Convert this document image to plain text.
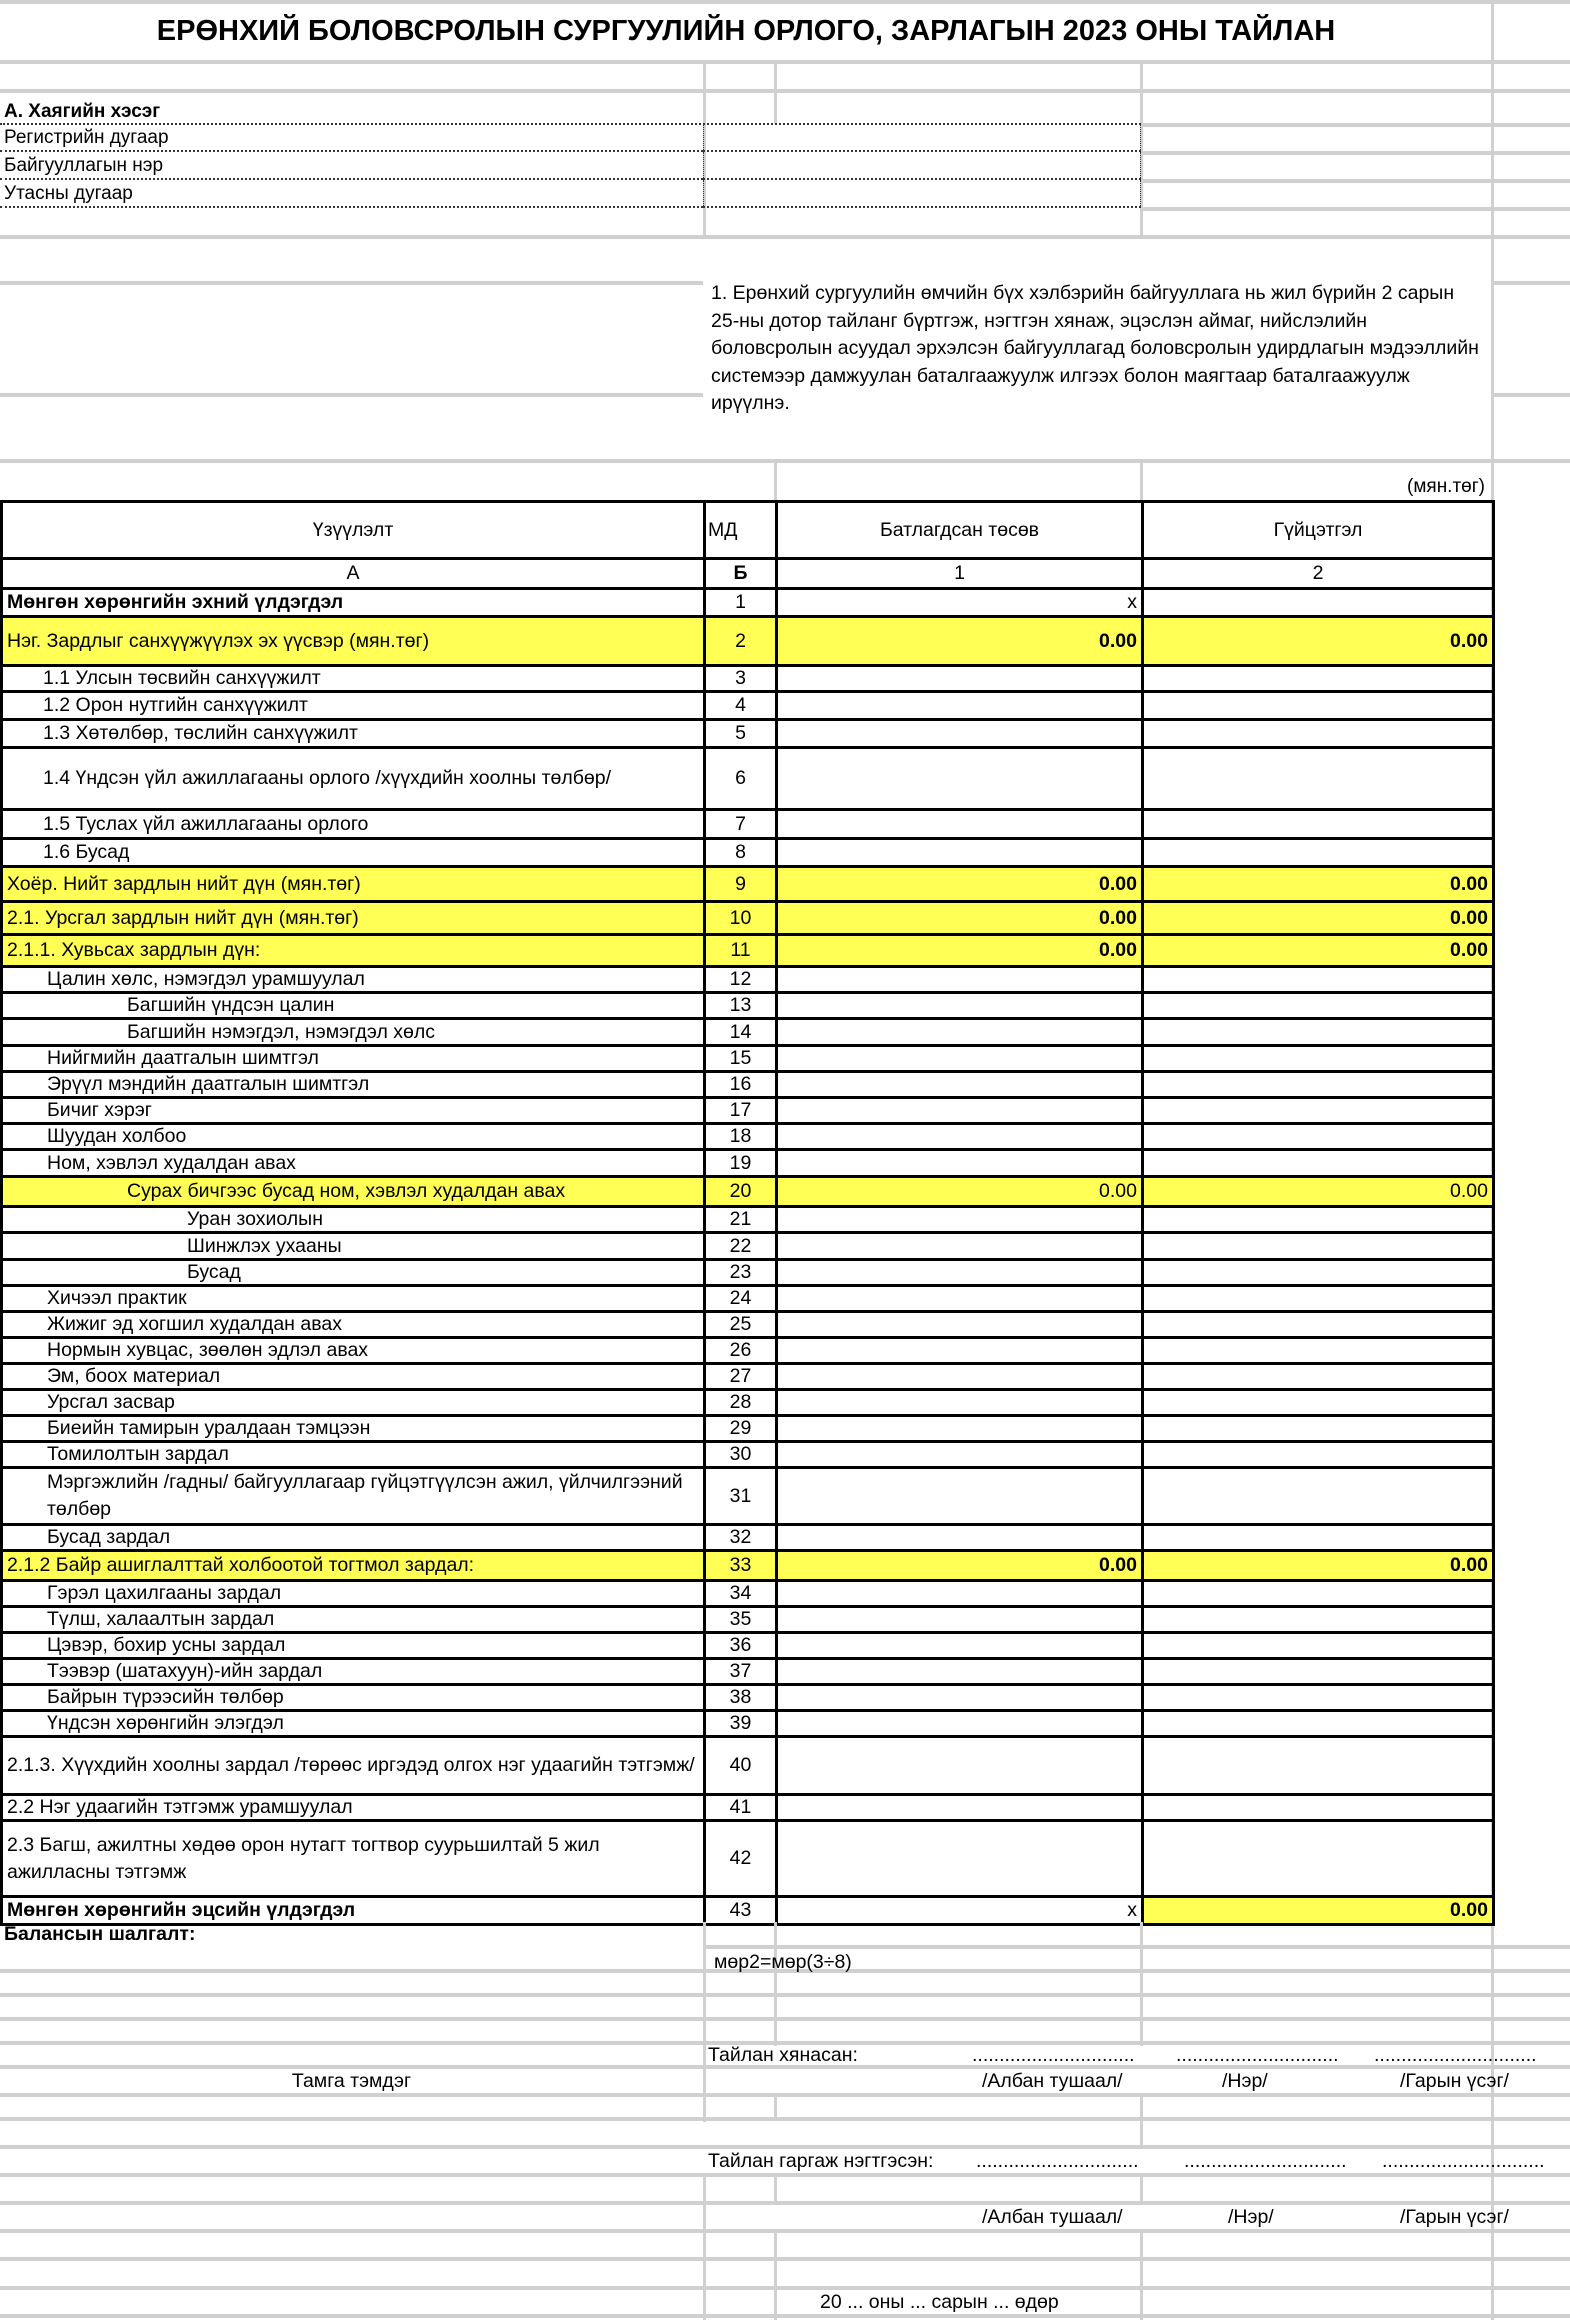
ЕРӨНХИЙ БОЛОВСРОЛЫН СУРГУУЛИЙН ОРЛОГО, ЗАРЛАГЫН 2023 ОНЫ ТАЙЛАН
А. Хаягийн хэсэг
Регистрийн дугаар
Байгууллагын нэр
Утасны дугаар
1. Ерөнхий сургуулийн өмчийн бүх хэлбэрийн байгууллага нь жил бүрийн 2 сарын 25-ны дотор тайланг бүртгэж, нэгтгэн хянаж, эцэслэн аймаг, нийслэлийн боловсролын асуудал эрхэлсэн байгууллагад боловсролын удирдлагын мэдээллийн системээр дамжуулан баталгаажуулж илгээх болон маягтаар баталгаажуулж ирүүлнэ.
(мян.төг)
Үзүүлэлт	МД	Батлагдсан төсөв	Гүйцэтгэл
А	Б	1	2
Мөнгөн хөрөнгийн эхний үлдэгдэл	1	x	
Нэг. Зардлыг санхүүжүүлэх эх үүсвэр (мян.төг)	2	0.00	0.00
1.1 Улсын төсвийн санхүүжилт	3		
1.2 Орон нутгийн санхүүжилт	4		
1.3 Хөтөлбөр, төслийн санхүүжилт	5		
1.4 Үндсэн үйл ажиллагааны орлого /хүүхдийн хоолны төлбөр/	6		
1.5 Туслах үйл ажиллагааны орлого	7		
1.6 Бусад	8		
Хоёр. Нийт зардлын нийт дүн (мян.төг)	9	0.00	0.00
2.1. Урсгал зардлын нийт дүн (мян.төг)	10	0.00	0.00
2.1.1. Хувьсах зардлын дүн:	11	0.00	0.00
Цалин хөлс, нэмэгдэл урамшуулал	12		
Багшийн үндсэн цалин	13		
Багшийн нэмэгдэл, нэмэгдэл хөлс	14		
Нийгмийн даатгалын шимтгэл	15		
Эрүүл мэндийн даатгалын шимтгэл	16		
Бичиг хэрэг	17		
Шуудан холбоо	18		
Ном, хэвлэл худалдан авах	19		
Сурах бичгээс бусад ном, хэвлэл худалдан авах	20	0.00	0.00
Уран зохиолын	21		
Шинжлэх ухааны	22		
Бусад	23		
Хичээл практик	24		
Жижиг эд хогшил худалдан авах	25		
Нормын хувцас, зөөлөн эдлэл авах	26		
Эм, боох материал	27		
Урсгал засвар	28		
Биеийн тамирын уралдаан тэмцээн	29		
Томилолтын зардал	30		
Мэргэжлийн /гадны/ байгууллагаар гүйцэтгүүлсэн ажил, үйлчилгээний төлбөр	31		
Бусад зардал	32		
2.1.2 Байр ашиглалттай холбоотой тогтмол зардал:	33	0.00	0.00
Гэрэл цахилгааны зардал	34		
Түлш, халаалтын зардал	35		
Цэвэр, бохир усны зардал	36		
Тээвэр (шатахуун)-ийн зардал	37		
Байрын түрээсийн төлбөр	38		
Үндсэн хөрөнгийн элэгдэл	39		
2.1.3. Хүүхдийн хоолны зардал /төрөөс иргэдэд олгох нэг удаагийн тэтгэмж/	40		
2.2 Нэг удаагийн тэтгэмж урамшуулал	41		
2.3 Багш, ажилтны хөдөө орон нутагт тогтвор суурьшилтай 5 жил ажилласны тэтгэмж	42		
Мөнгөн хөрөнгийн эцсийн үлдэгдэл	43	x	0.00
Балансын шалгалт:
мөр2=мөр(3÷8)
Тайлан хянасан:	.............................. .............................. ..............................
Тамга тэмдэг	/Албан тушаал/	/Нэр/	/Гарын үсэг/
Тайлан гаргаж нэгтгэсэн: .............................. .............................. ..............................
/Албан тушаал/	/Нэр/	/Гарын үсэг/
20 ... оны ... сарын ... өдөр
